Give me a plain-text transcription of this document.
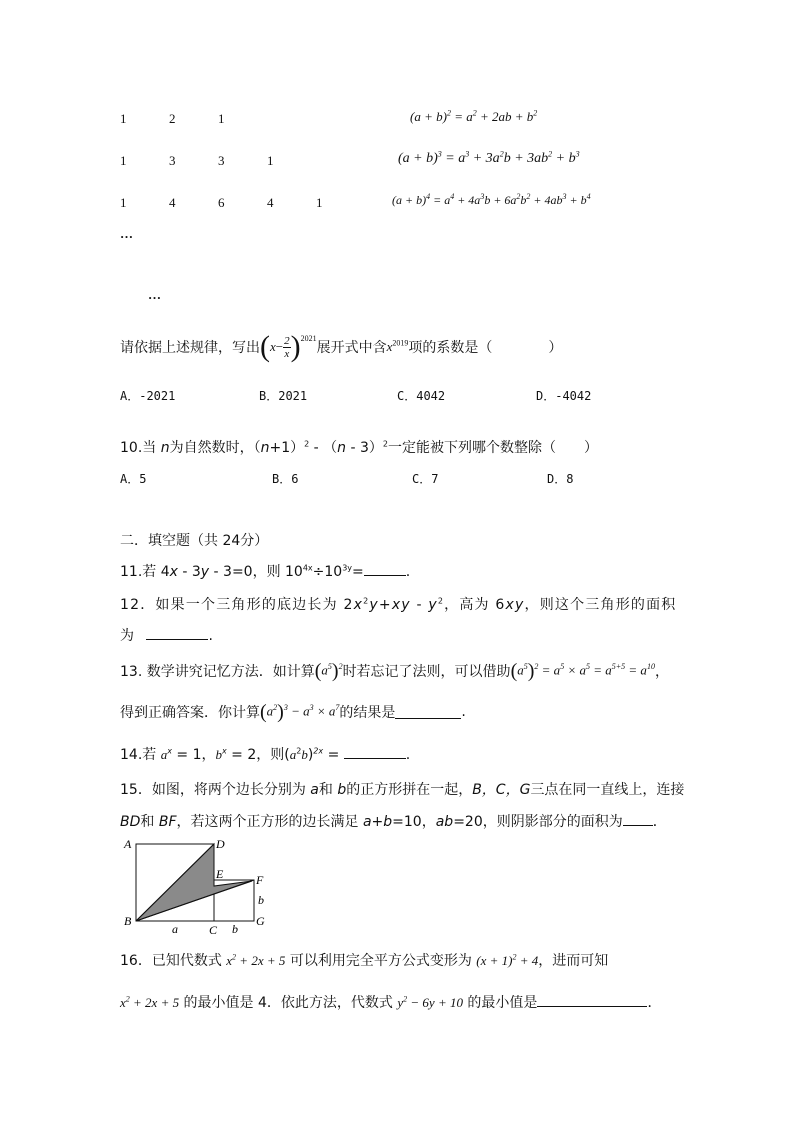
1	2	1	$(a + b)^2 = a^2 + 2ab + b^2$
1	3	3	1	$(a + b)^3 = a^3 + 3a^2b + 3ab^2 + b^3$
1	4	6	4	1	$(a + b)^4 = a^4 + 4a^3b + 6a^2b^2 + 4ab^3 + b^4$
…
…
请依据上述规律，写出 ( $x - \frac{2}{x}$ ) 2021
展开式中含 $x^{2019}$ 项的系数是（　　　　）
A．-2021	B．2021	C．4042	D．-4042
10.当 n为自然数时，$(n+1)^2 - (n - 3)^2$一定能被下列哪个数整除（　　）
A．5	B．6	C．7	D．8
二．填空题（共 24分）
11.若 4x - 3y - 3=0，则 $10^{4x}\div 10^{3y}=$	.
12．如果一个三角形的底边长为 $2x^2y+xy - y^2$，高为 6xy，则这个三角形的面积
为	.
13. 数学讲究记忆方法．如计算 $(a^5)^2$ 时若忘记了法则，可以借助 $(a^5)^2 = a^5 \times a^5 = a^{5+5} = a^{10}$ ，
得到正确答案．你计算 $(a^2)^3 - a^3 \times a^7$ 的结果是	.
14.若 $a^x = 1$，$b^x = 2$，则$(a^2b)^{2x}$ =	.
15．如图，将两个边长分别为 a和 b的正方形拼在一起，B，C，G三点在同一直线上，连接
BD和 BF，若这两个正方形的边长满足 a+b=10，ab=20，则阴影部分的面积为 ．
A	D
E	F
B
C
G
a
b
b
16．已知代数式 $x^2 + 2x + 5$ 可以利用完全平方公式变形为 $(x + 1)^2 + 4$，进而可知
$x^2 + 2x + 5$ 的最小值是 4．依此方法，代数式 $y^2 - 6y + 10$ 的最小值是	．
